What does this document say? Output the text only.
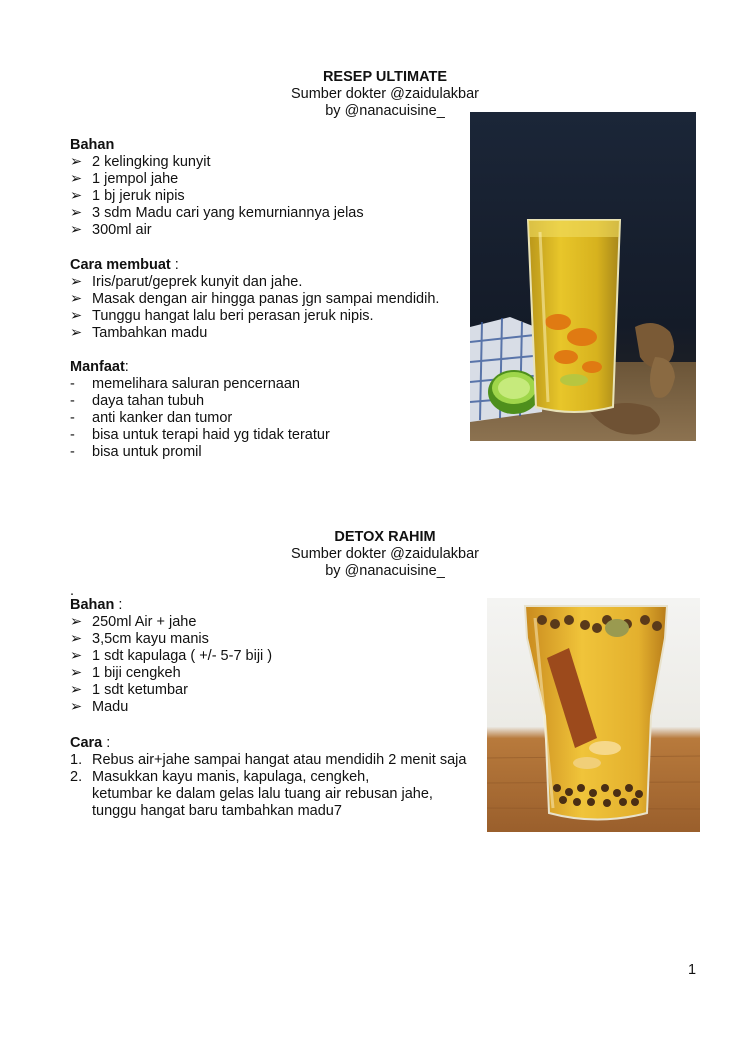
RESEP ULTIMATE
Sumber dokter @zaidulakbar
by @nanacuisine_
Bahan
➢ 2 kelingking kunyit
➢ 1 jempol jahe
➢ 1 bj jeruk nipis
➢ 3 sdm Madu cari yang kemurniannya jelas
➢ 300ml air
Cara membuat :
➢ Iris/parut/geprek kunyit dan jahe.
➢ Masak dengan air hingga panas jgn sampai mendidih.
➢ Tunggu hangat lalu beri perasan jeruk nipis.
➢ Tambahkan madu
Manfaat:
- memelihara saluran pencernaan
- daya tahan tubuh
- anti kanker dan tumor
- bisa untuk terapi haid yg tidak teratur
- bisa untuk promil
DETOX RAHIM
Sumber dokter @zaidulakbar
by @nanacuisine_
.
Bahan :
➢ 250ml Air + jahe
➢ 3,5cm kayu manis
➢ 1 sdt kapulaga ( +/- 5-7 biji )
➢ 1 biji cengkeh
➢ 1 sdt ketumbar
➢ Madu
Cara :
1. Rebus air+jahe sampai hangat atau mendidih 2 menit saja
2. Masukkan kayu manis, kapulaga, cengkeh,
ketumbar ke dalam gelas lalu tuang air rebusan jahe,
tunggu hangat baru tambahkan madu7
1
